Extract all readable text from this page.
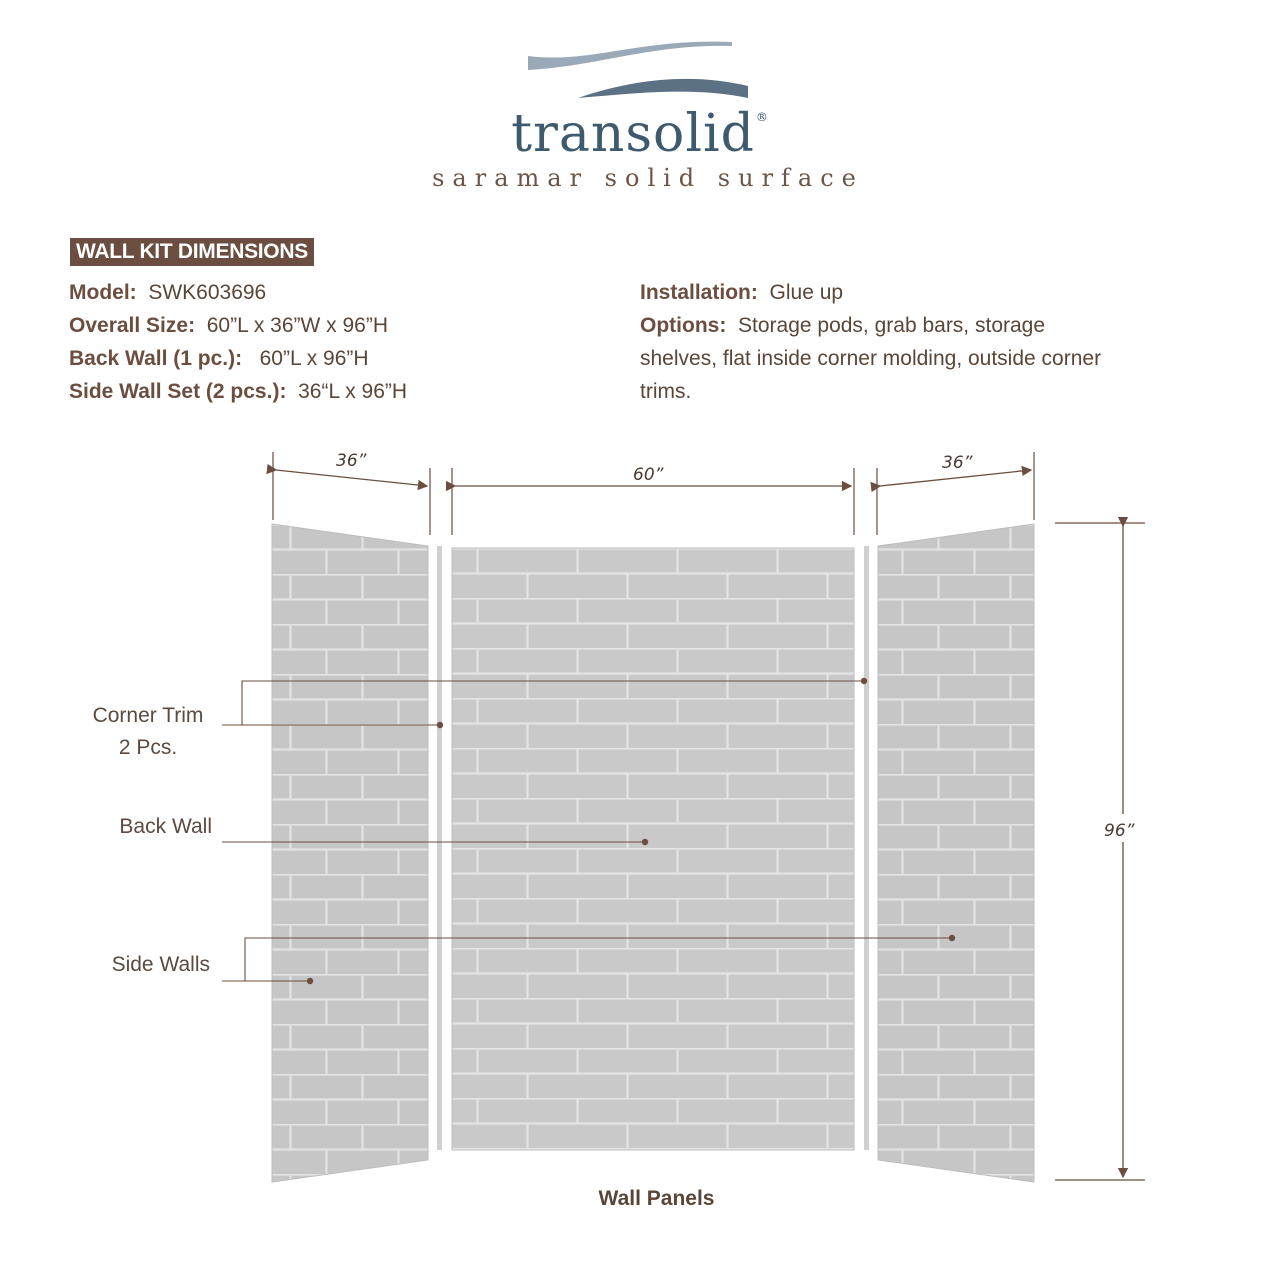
transolid®
saramar solid surface
WALL KIT DIMENSIONS
Model: SWK603696
Overall Size: 60”L x 36”W x 96”H
Back Wall (1 pc.): 60”L x 96”H
Side Wall Set (2 pcs.): 36“L x 96”H
Installation: Glue up
Options: Storage pods, grab bars, storage shelves, flat inside corner molding, outside corner trims.
36”
60”
96”
36”
Corner Trim
2 Pcs.
Back Wall
Side Walls
Wall Panels
